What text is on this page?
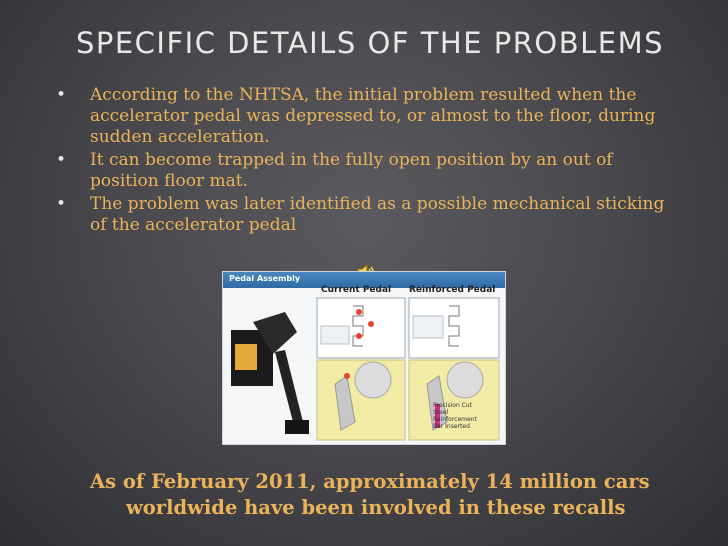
SPECIFIC DETAILS OF THE PROBLEMS
• According to the NHTSA, the initial problem resulted when the accelerator pedal was depressed to, or almost to the floor, during sudden acceleration.
• It can become trapped in the fully open position by an out of position floor mat.
• The problem was later identified as a possible mechanical sticking of the accelerator pedal
Pedal Assembly
Current Pedal Reinforced Pedal
Precision Cut Steel Reinforcement Bar Inserted
As of February 2011, approximately 14 million cars
worldwide have been involved in these recalls
